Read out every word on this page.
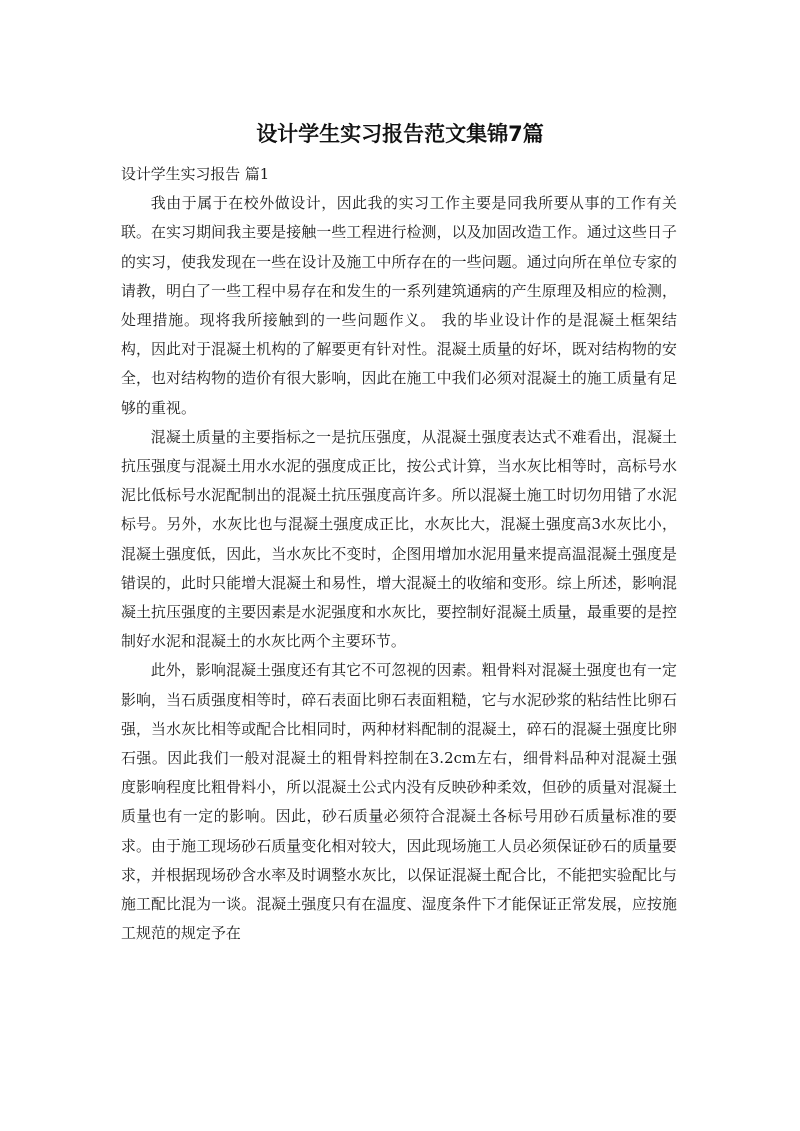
设计学生实习报告范文集锦7篇

设计学生实习报告 篇1

我由于属于在校外做设计，因此我的实习工作主要是同我所要从事的工作有关联。在实习期间我主要是接触一些工程进行检测，以及加固改造工作。通过这些日子的实习，使我发现在一些在设计及施工中所存在的一些问题。通过向所在单位专家的请教，明白了一些工程中易存在和发生的一系列建筑通病的产生原理及相应的检测，处理措施。现将我所接触到的一些问题作义。 我的毕业设计作的是混凝土框架结构，因此对于混凝土机构的了解要更有针对性。混凝土质量的好坏，既对结构物的安全，也对结构物的造价有很大影响，因此在施工中我们必须对混凝土的施工质量有足够的重视。

混凝土质量的主要指标之一是抗压强度，从混凝土强度表达式不难看出，混凝土抗压强度与混凝土用水水泥的强度成正比，按公式计算，当水灰比相等时，高标号水泥比低标号水泥配制出的混凝土抗压强度高许多。所以混凝土施工时切勿用错了水泥标号。另外，水灰比也与混凝土强度成正比，水灰比大，混凝土强度高3水灰比小，混凝土强度低，因此，当水灰比不变时，企图用增加水泥用量来提高温混凝土强度是错误的，此时只能增大混凝土和易性，增大混凝土的收缩和变形。综上所述，影响混凝土抗压强度的主要因素是水泥强度和水灰比，要控制好混凝土质量，最重要的是控制好水泥和混凝土的水灰比两个主要环节。

此外，影响混凝土强度还有其它不可忽视的因素。粗骨料对混凝土强度也有一定影响，当石质强度相等时，碎石表面比卵石表面粗糙，它与水泥砂浆的粘结性比卵石强，当水灰比相等或配合比相同时，两种材料配制的混凝土，碎石的混凝土强度比卵石强。因此我们一般对混凝土的粗骨料控制在3.2cm左右，细骨料品种对混凝土强度影响程度比粗骨料小，所以混凝土公式内没有反映砂种柔效，但砂的质量对混凝土质量也有一定的影响。因此，砂石质量必须符合混凝土各标号用砂石质量标准的要求。由于施工现场砂石质量变化相对较大，因此现场施工人员必须保证砂石的质量要求，并根据现场砂含水率及时调整水灰比，以保证混凝土配合比，不能把实验配比与施工配比混为一谈。混凝土强度只有在温度、湿度条件下才能保证正常发展，应按施工规范的规定予在
